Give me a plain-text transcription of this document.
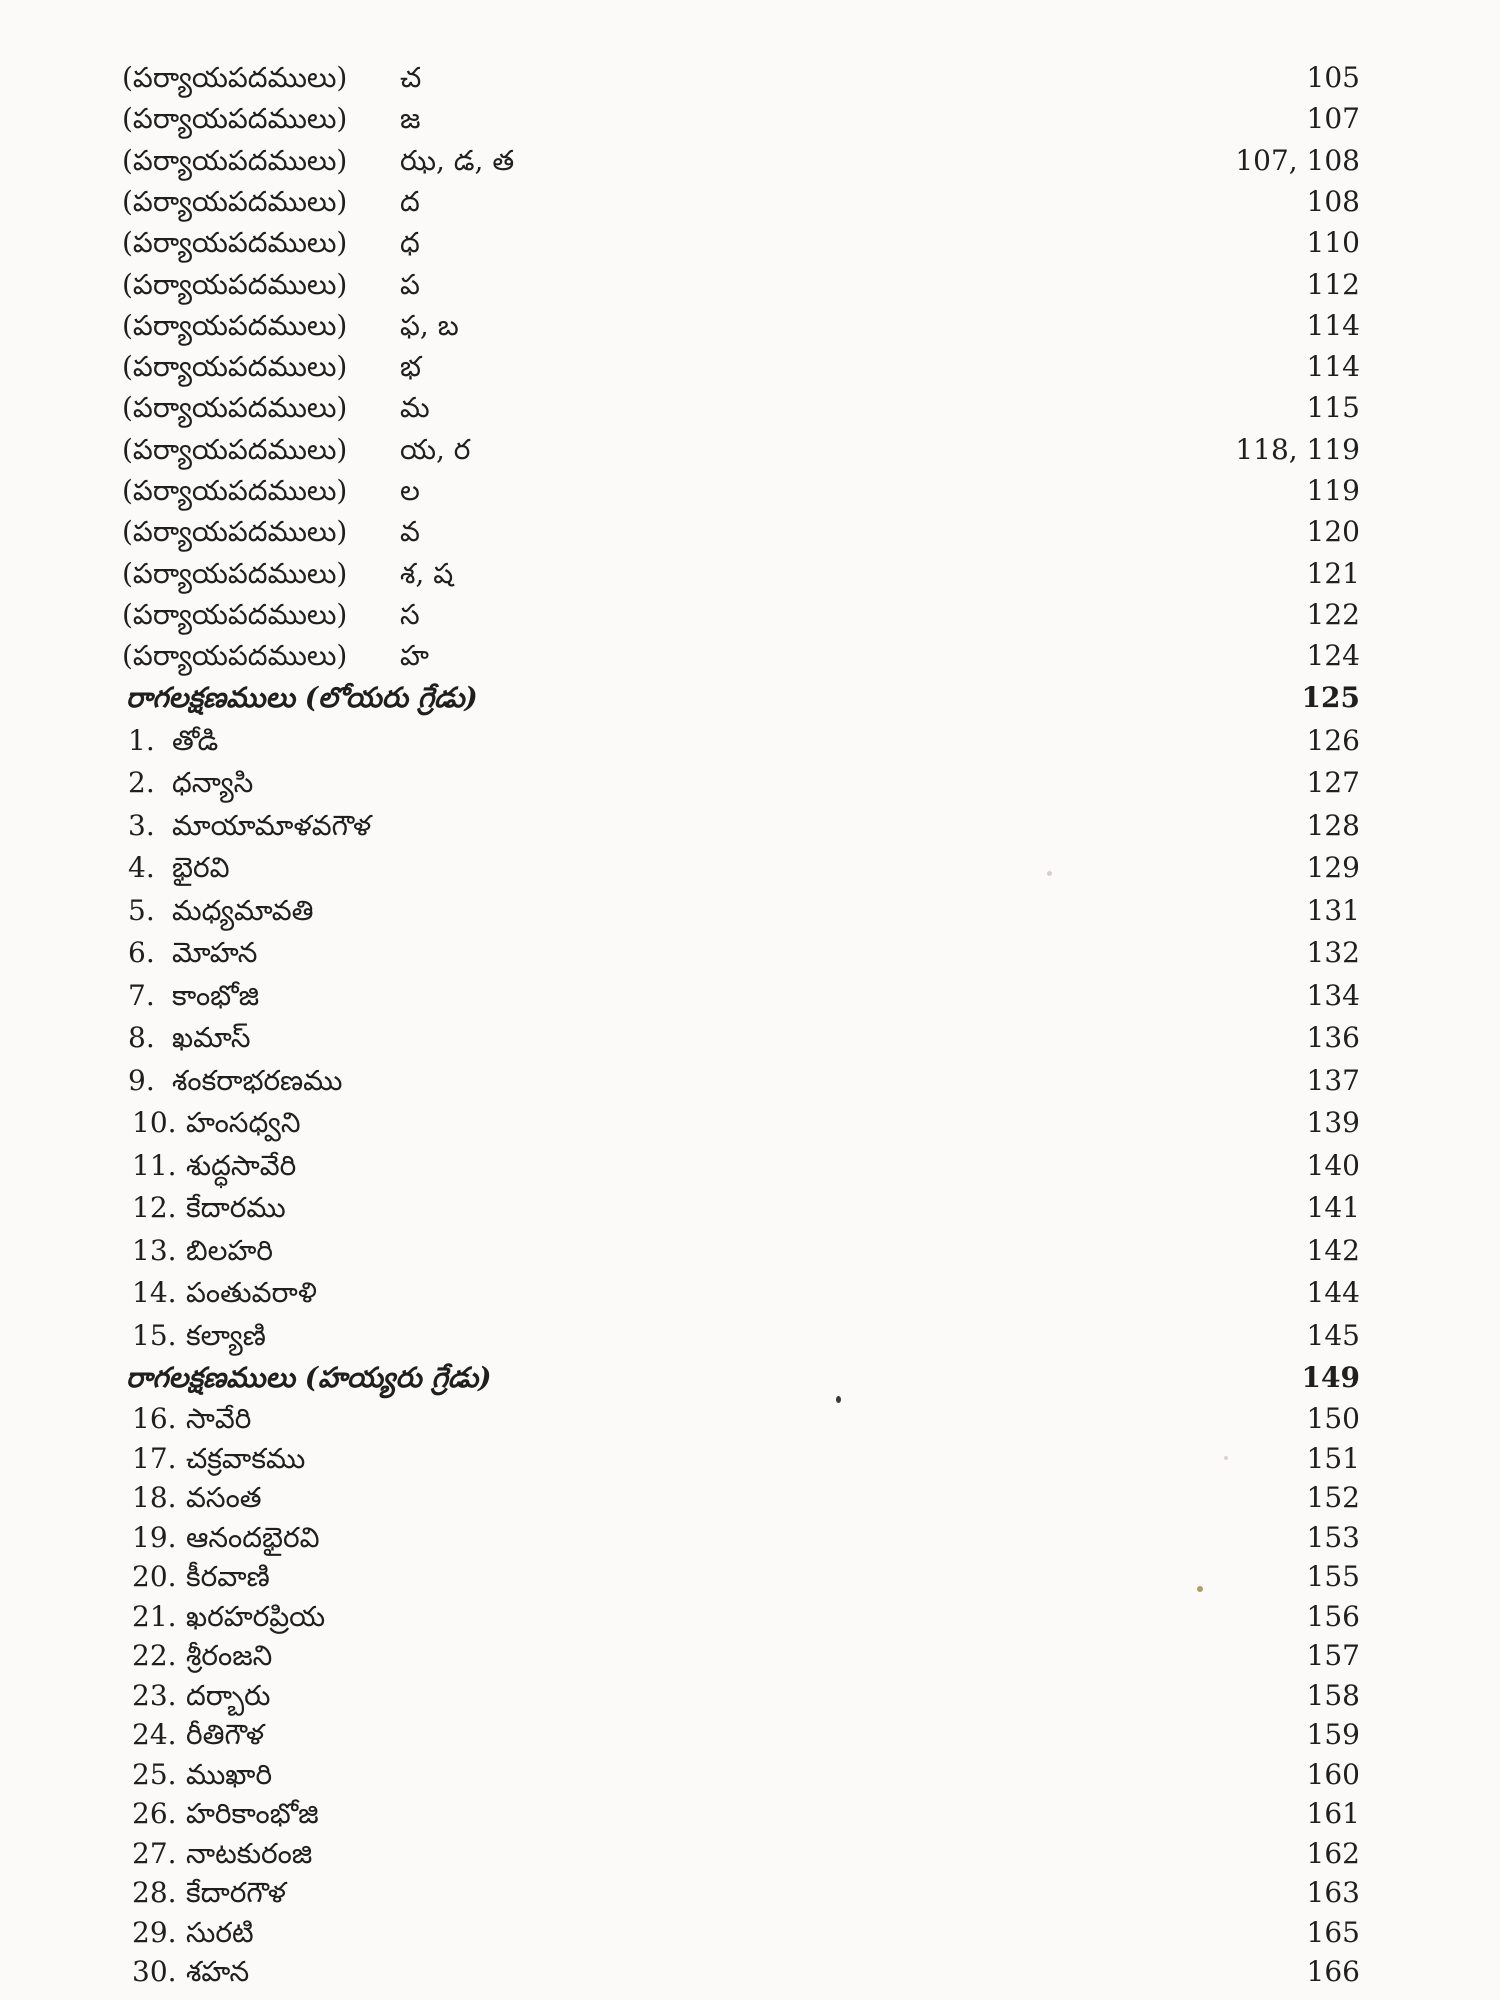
(పర్యాయపదములు) చ	105
(పర్యాయపదములు) జ	107
(పర్యాయపదములు) ఝ, డ, త	107, 108
(పర్యాయపదములు) ద	108
(పర్యాయపదములు) ధ	110
(పర్యాయపదములు) ప	112
(పర్యాయపదములు) ఫ, బ	114
(పర్యాయపదములు) భ	114
(పర్యాయపదములు) మ	115
(పర్యాయపదములు) య, ర	118, 119
(పర్యాయపదములు) ల	119
(పర్యాయపదములు) వ	120
(పర్యాయపదములు) శ, ష	121
(పర్యాయపదములు) స	122
(పర్యాయపదములు) హ	124
రాగలక్షణములు (లోయరు గ్రేడు)	125
1. తోడి	126
2. ధన్యాసి	127
3. మాయామాళవగౌళ	128
4. భైరవి	129
5. మధ్యమావతి	131
6. మోహన	132
7. కాంభోజి	134
8. ఖమాస్	136
9. శంకరాభరణము	137
10. హంసధ్వని	139
11. శుద్ధసావేరి	140
12. కేదారము	141
13. బిలహరి	142
14. పంతువరాళి	144
15. కల్యాణి	145
రాగలక్షణములు (హయ్యరు గ్రేడు)	149
16. సావేరి	150
17. చక్రవాకము	151
18. వసంత	152
19. ఆనందభైరవి	153
20. కీరవాణి	155
21. ఖరహరప్రియ	156
22. శ్రీరంజని	157
23. దర్బారు	158
24. రీతిగౌళ	159
25. ముఖారి	160
26. హరికాంభోజి	161
27. నాటకురంజి	162
28. కేదారగౌళ	163
29. సురటి	165
30. శహన	166
